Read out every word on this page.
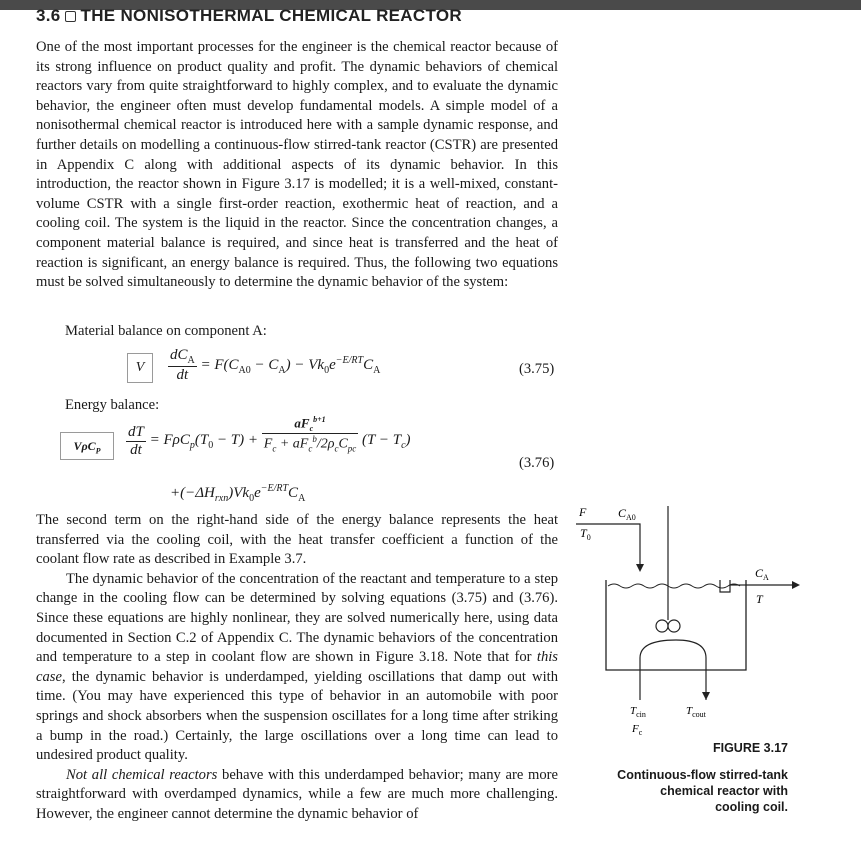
3.6 THE NONISOTHERMAL CHEMICAL REACTOR

One of the most important processes for the engineer is the chemical reactor because of its strong influence on product quality and profit. The dynamic behaviors of chemical reactors vary from quite straightforward to highly complex, and to evaluate the dynamic behavior, the engineer often must develop fundamental models. A simple model of a nonisothermal chemical reactor is introduced here with a sample dynamic response, and further details on modelling a continuous-flow stirred-tank reactor (CSTR) are presented in Appendix C along with additional aspects of its dynamic behavior. In this introduction, the reactor shown in Figure 3.17 is modelled; it is a well-mixed, constant-volume CSTR with a single first-order reaction, exothermic heat of reaction, and a cooling coil. The system is the liquid in the reactor. Since the concentration changes, a component material balance is required, and since heat is transferred and the heat of reaction is significant, an energy balance is required. Thus, the following two equations must be solved simultaneously to determine the dynamic behavior of the system:

Material balance on component A:
V	$\frac{dC_A}{dt} = F(C_{A0} - C_A) - Vk_0e^{-E/RT}C_A$	(3.75)
Energy balance:
VρC$_P$	$\frac{dT}{dt} = F\rho C_p(T_0 - T) + \frac{aF_c^{b+1}}{F_c + aF_c^b/2\rho_cC_{pc}} (T - T_c)$
(3.76)
$+(-\Delta H_{rxn})Vk_0e^{-E/RT}C_A$

The second term on the right-hand side of the energy balance represents the heat transferred via the cooling coil, with the heat transfer coefficient a function of the coolant flow rate as described in Example 3.7.

The dynamic behavior of the concentration of the reactant and temperature to a step change in the cooling flow can be determined by solving equations (3.75) and (3.76). Since these equations are highly nonlinear, they are solved numerically here, using data documented in Section C.2 of Appendix C. The dynamic behaviors of the concentration and temperature to a step in coolant flow are shown in Figure 3.18. Note that for this case, the dynamic behavior is underdamped, yielding oscillations that damp out with time. (You may have experienced this type of behavior in an automobile with poor springs and shock absorbers when the suspension oscillates for a long time after striking a bump in the road.) Certainly, the large oscillations over a long time can lead to undesired product quality.

Not all chemical reactors behave with this underdamped behavior; many are more straightforward with overdamped dynamics, while a few are much more challenging. However, the engineer cannot determine the dynamic behavior of

F
$T_0$
$C_{A0}$
$C_A$
T
$T_{cin}$
$F_c$
$T_{cout}$
FIGURE 3.17
Continuous-flow stirred-tank
chemical reactor with
cooling coil.
